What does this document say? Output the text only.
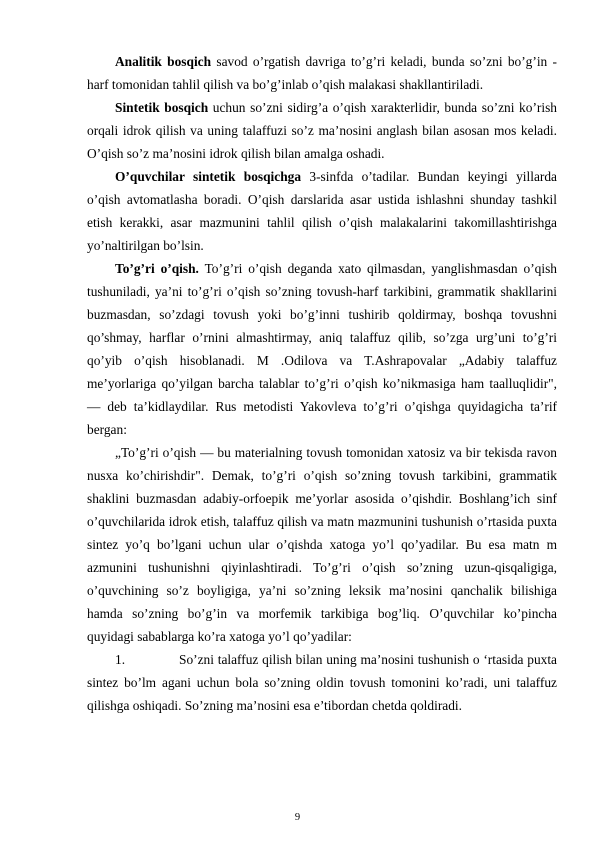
Analitik bosqich savod o’rgatish davriga to’g’ri keladi, bunda so’zni bo’g’in -harf tomonidan tahlil qilish va bo’g’inlab o’qish malakasi shakllantiriladi.

Sintetik bosqich uchun so’zni sidirg’a o’qish xarakterlidir, bunda so’zni ko’rish orqali idrok qilish va uning talaffuzi so’z ma’nosini anglash bilan asosan mos keladi. O’qish so’z ma’nosini idrok qilish bilan amalga oshadi.

O’quvchilar sintetik bosqichga 3-sinfda o’tadilar. Bundan keyingi yillarda o’qish avtomatlasha boradi. O’qish darslarida asar ustida ishlashni shunday tashkil etish kerakki, asar mazmunini tahlil qilish o’qish malakalarini takomillashtirishga yo’naltirilgan bo’lsin.

To’g’ri o’qish. To’g’ri o’qish deganda xato qilmasdan, yanglishmasdan o’qish tushuniladi, ya’ni to’g’ri o’qish so’zning tovush-harf tarkibini, grammatik shakllarini buzmasdan, so’zdagi tovush yoki bo’g’inni tushirib qoldirmay, boshqa tovushni qo’shmay, harflar o’rnini almashtirmay, aniq talaffuz qilib, so’zga urg’uni to’g’ri qo’yib o’qish hisoblanadi. M .Odilova va T.Ashrapovalar „Adabiy talaffuz me’yorlariga qo’yilgan barcha talablar to’g’ri o’qish ko’nikmasiga ham taalluqlidir", — deb ta’kidlaydilar. Rus metodisti Yakovleva to’g’ri o’qishga quyidagicha ta’rif bergan:

„To’g’ri o’qish — bu materialning tovush tomonidan xatosiz va bir tekisda ravon nusxa ko’chirishdir". Demak, to’g’ri o’qish so’zning tovush tarkibini, grammatik shaklini buzmasdan adabiy-orfoepik me’yorlar asosida o’qishdir. Boshlang’ich sinf o’quvchilarida idrok etish, talaffuz qilish va matn mazmunini tushunish o’rtasida puxta sintez yo’q bo’lgani uchun ular o’qishda xatoga yo’l qo’yadilar. Bu esa matn m azmunini tushunishni qiyinlashtiradi. To’g’ri o’qish so’zning uzun-qisqaligiga, o’quvchining so’z boyligiga, ya’ni so’zning leksik ma’nosini qanchalik bilishiga hamda so’zning bo’g’in va morfemik tarkibiga bog’liq. O’quvchilar ko’pincha quyidagi sabablarga ko’ra xatoga yo’l qo’yadilar:

1.	So’zni talaffuz qilish bilan uning ma’nosini tushunish o ‘rtasida puxta sintez bo’lm agani uchun bola so’zning oldin tovush tomonini ko’radi, uni talaffuz qilishga oshiqadi. So’zning ma’nosini esa e’tibordan chetda qoldiradi.

9
